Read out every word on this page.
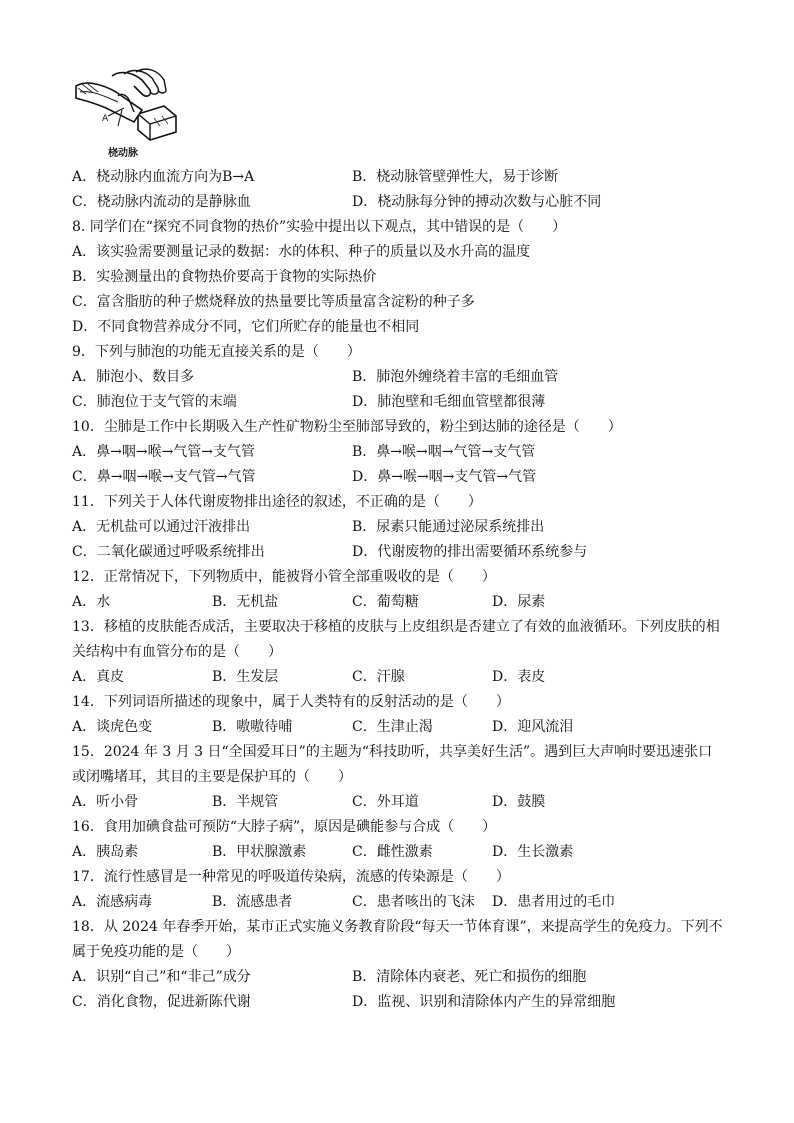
A
桡动脉
A．桡动脉内血流方向为B→A	B．桡动脉管壁弹性大，易于诊断
C．桡动脉内流动的是静脉血	D．桡动脉每分钟的搏动次数与心脏不同
8. 同学们在“探究不同食物的热价”实验中提出以下观点，其中错误的是（　　）
A．该实验需要测量记录的数据：水的体积、种子的质量以及水升高的温度
B．实验测量出的食物热价要高于食物的实际热价
C．富含脂肪的种子燃烧释放的热量要比等质量富含淀粉的种子多
D．不同食物营养成分不同，它们所贮存的能量也不相同
9．下列与肺泡的功能无直接关系的是（　　）
A．肺泡小、数目多	B．肺泡外缠绕着丰富的毛细血管
C．肺泡位于支气管的末端	D．肺泡壁和毛细血管壁都很薄
10．尘肺是工作中长期吸入生产性矿物粉尘至肺部导致的，粉尘到达肺的途径是（　　）
A．鼻→咽→喉→气管→支气管	B．鼻→喉→咽→气管→支气管
C．鼻→咽→喉→支气管→气管	D．鼻→喉→咽→支气管→气管
11．下列关于人体代谢废物排出途径的叙述，不正确的是（　　）
A．无机盐可以通过汗液排出	B．尿素只能通过泌尿系统排出
C．二氧化碳通过呼吸系统排出	D．代谢废物的排出需要循环系统参与
12．正常情况下，下列物质中，能被肾小管全部重吸收的是（　　）
A．水	B．无机盐	C．葡萄糖	D．尿素
13．移植的皮肤能否成活，主要取决于移植的皮肤与上皮组织是否建立了有效的血液循环。下列皮肤的相
关结构中有血管分布的是（　　）
A．真皮	B．生发层	C．汗腺	D．表皮
14．下列词语所描述的现象中，属于人类特有的反射活动的是（　　）
A．谈虎色变	B．嗷嗷待哺	C．生津止渴	D．迎风流泪
15．2024 年 3 月 3 日“全国爱耳日”的主题为“科技助听，共享美好生活”。遇到巨大声响时要迅速张口
或闭嘴堵耳，其目的主要是保护耳的（　　）
A．听小骨	B．半规管	C．外耳道	D．鼓膜
16．食用加碘食盐可预防“大脖子病”，原因是碘能参与合成（　　）
A．胰岛素	B．甲状腺激素	C．雌性激素	D．生长激素
17．流行性感冒是一种常见的呼吸道传染病，流感的传染源是（　　）
A．流感病毒	B．流感患者	C．患者咳出的飞沫 D．患者用过的毛巾
18．从 2024 年春季开始，某市正式实施义务教育阶段“每天一节体育课”，来提高学生的免疫力。下列不
属于免疫功能的是（　　）
A．识别“自己”和“非己”成分	B．清除体内衰老、死亡和损伤的细胞
C．消化食物，促进新陈代谢	D．监视、识别和清除体内产生的异常细胞
